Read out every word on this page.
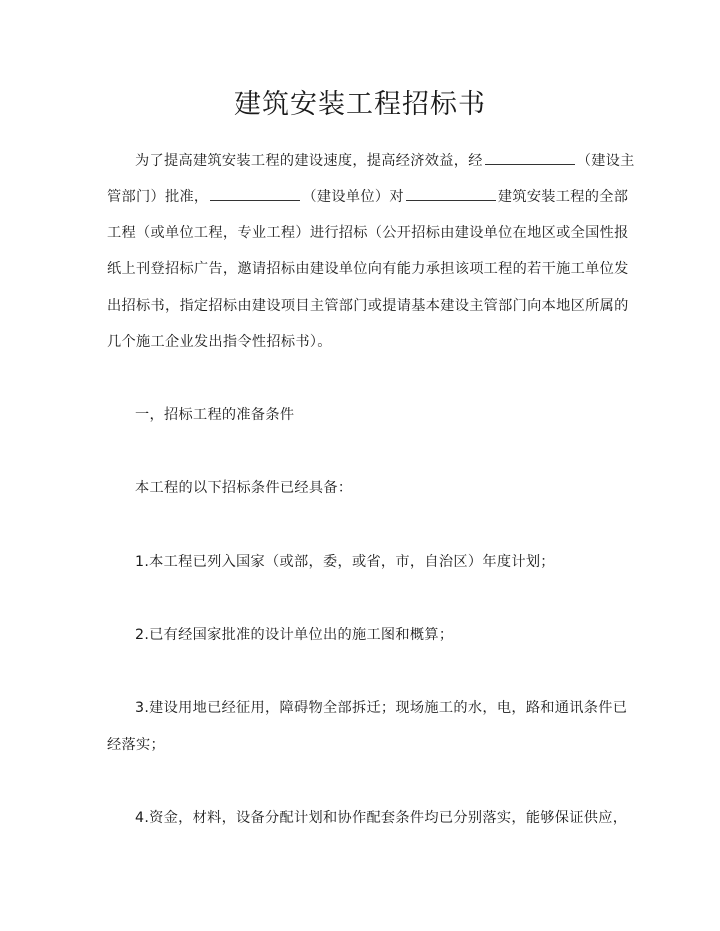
建筑安装工程招标书
为了提高建筑安装工程的建设速度，提高经济效益，经	（建设主
管部门）批准，	（建设单位）对	建筑安装工程的全部
工程（或单位工程，专业工程）进行招标（公开招标由建设单位在地区或全国性报
纸上刊登招标广告，邀请招标由建设单位向有能力承担该项工程的若干施工单位发
出招标书，指定招标由建设项目主管部门或提请基本建设主管部门向本地区所属的
几个施工企业发出指令性招标书）。
一，招标工程的准备条件
本工程的以下招标条件已经具备：
1.本工程已列入国家（或部，委，或省，市，自治区）年度计划；
2.已有经国家批准的设计单位出的施工图和概算；
3.建设用地已经征用，障碍物全部拆迁；现场施工的水，电，路和通讯条件已
经落实；
4.资金，材料，设备分配计划和协作配套条件均已分别落实，能够保证供应，
